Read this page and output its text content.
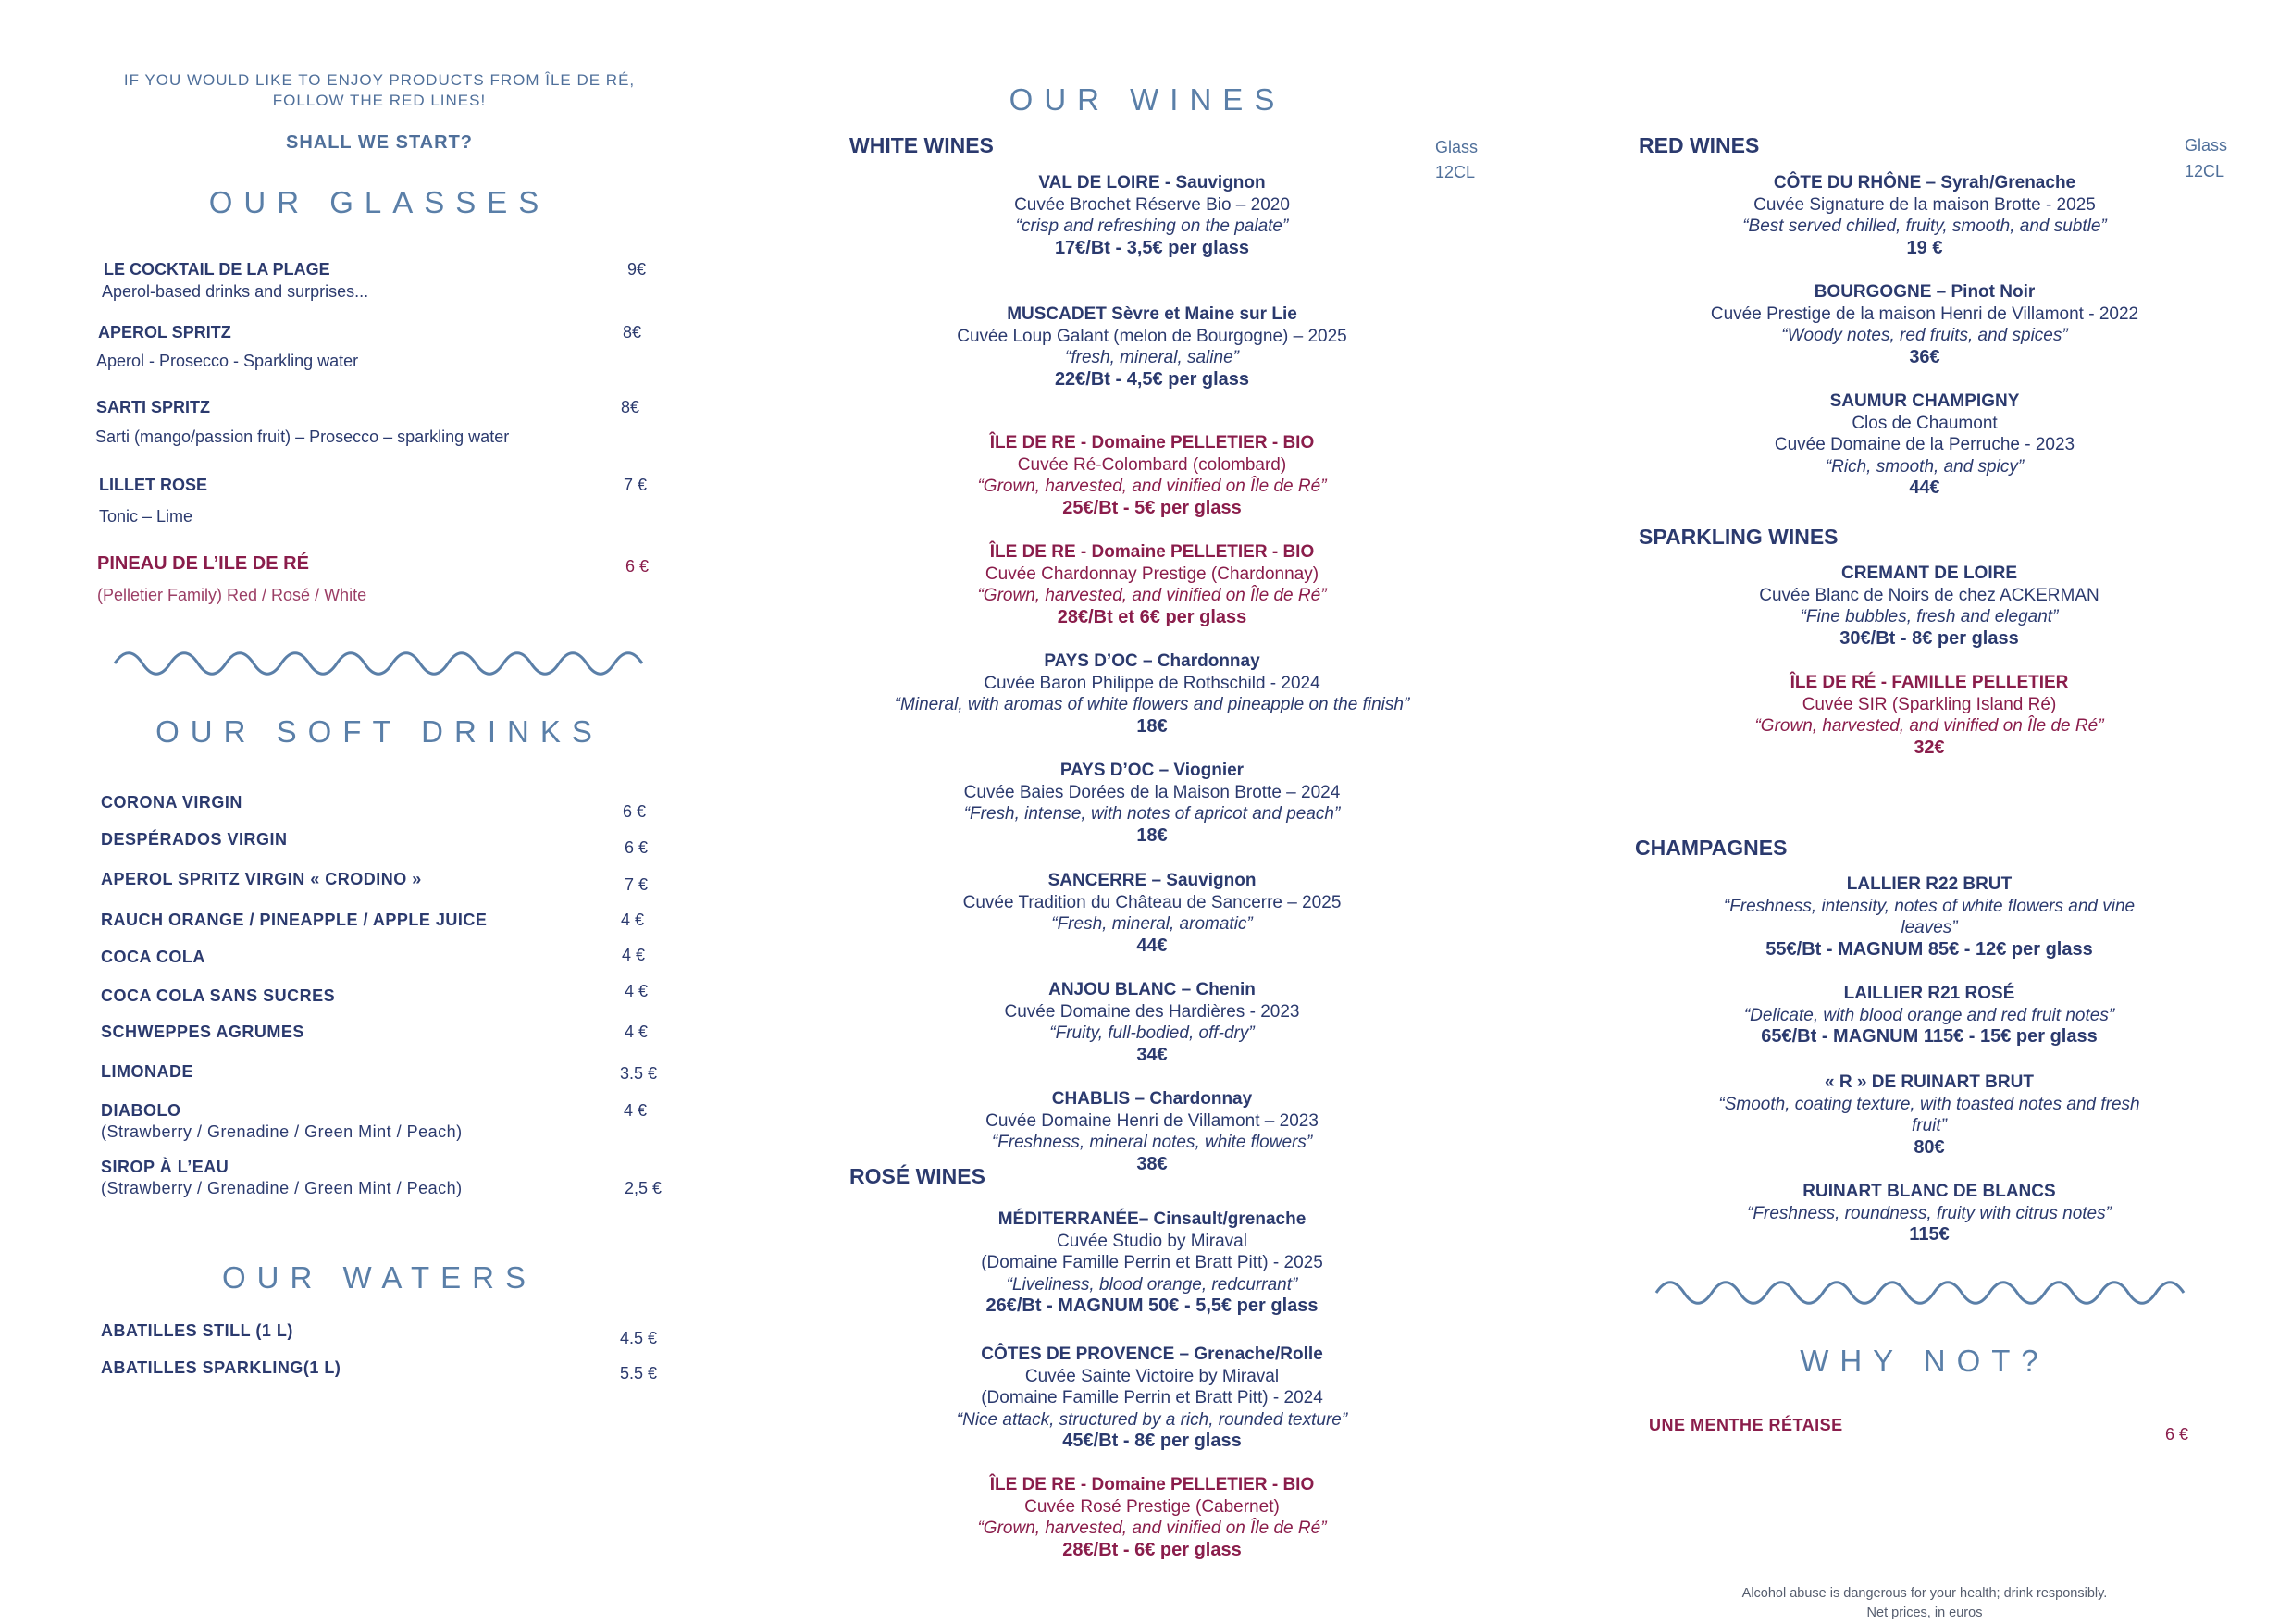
IF YOU WOULD LIKE TO ENJOY PRODUCTS FROM ÎLE DE RÉ,
FOLLOW THE RED LINES!
SHALL WE START?
OUR GLASSES
LE COCKTAIL DE LA PLAGE
Aperol-based drinks and surprises...
9€
APEROL SPRITZ
Aperol - Prosecco - Sparkling water
8€
SARTI SPRITZ
Sarti (mango/passion fruit) – Prosecco – sparkling water
8€
LILLET ROSE
Tonic – Lime
7 €
PINEAU DE L’ILE DE RÉ
(Pelletier Family) Red / Rosé / White
6 €
OUR SOFT DRINKS
CORONA VIRGIN	6 €
DESPÉRADOS VIRGIN	6 €
APEROL SPRITZ VIRGIN « CRODINO »	7 €
RAUCH ORANGE / PINEAPPLE / APPLE JUICE	4 €
COCA COLA	4 €
COCA COLA SANS SUCRES	4 €
SCHWEPPES AGRUMES	4 €
LIMONADE	3.5 €
DIABOLO
(Strawberry / Grenadine / Green Mint / Peach)
4 €
SIROP À L’EAU
(Strawberry / Grenadine / Green Mint / Peach)	2,5 €
OUR WATERS
ABATILLES STILL (1 L)	4.5 €
ABATILLES SPARKLING(1 L)	5.5 €
OUR WINES
WHITE WINES	Glass
12CL
VAL DE LOIRE - Sauvignon
Cuvée Brochet Réserve Bio – 2020
“crisp and refreshing on the palate”
17€/Bt - 3,5€ per glass
MUSCADET Sèvre et Maine sur Lie
Cuvée Loup Galant (melon de Bourgogne) – 2025
“fresh, mineral, saline”
22€/Bt - 4,5€ per glass
ÎLE DE RE - Domaine PELLETIER - BIO
Cuvée Ré-Colombard (colombard)
“Grown, harvested, and vinified on Île de Ré”
25€/Bt - 5€ per glass
ÎLE DE RE - Domaine PELLETIER - BIO
Cuvée Chardonnay Prestige (Chardonnay)
“Grown, harvested, and vinified on Île de Ré”
28€/Bt et 6€ per glass
PAYS D’OC – Chardonnay
Cuvée Baron Philippe de Rothschild - 2024
“Mineral, with aromas of white flowers and pineapple on the finish”
18€
PAYS D’OC – Viognier
Cuvée Baies Dorées de la Maison Brotte – 2024
“Fresh, intense, with notes of apricot and peach”
18€
SANCERRE – Sauvignon
Cuvée Tradition du Château de Sancerre – 2025
“Fresh, mineral, aromatic”
44€
ANJOU BLANC – Chenin
Cuvée Domaine des Hardières - 2023
“Fruity, full-bodied, off-dry”
34€
CHABLIS – Chardonnay
Cuvée Domaine Henri de Villamont – 2023
“Freshness, mineral notes, white flowers”
38€
ROSÉ WINES
MÉDITERRANÉE– Cinsault/grenache
Cuvée Studio by Miraval
(Domaine Famille Perrin et Bratt Pitt) - 2025
“Liveliness, blood orange, redcurrant”
26€/Bt - MAGNUM 50€ - 5,5€ per glass
CÔTES DE PROVENCE – Grenache/Rolle
Cuvée Sainte Victoire by Miraval
(Domaine Famille Perrin et Bratt Pitt) - 2024
“Nice attack, structured by a rich, rounded texture”
45€/Bt - 8€ per glass
ÎLE DE RE - Domaine PELLETIER - BIO
Cuvée Rosé Prestige (Cabernet)
“Grown, harvested, and vinified on Île de Ré”
28€/Bt - 6€ per glass
RED WINES	Glass
12CL
CÔTE DU RHÔNE – Syrah/Grenache
Cuvée Signature de la maison Brotte - 2025
“Best served chilled, fruity, smooth, and subtle”
19 €
BOURGOGNE – Pinot Noir
Cuvée Prestige de la maison Henri de Villamont - 2022
“Woody notes, red fruits, and spices”
36€
SAUMUR CHAMPIGNY
Clos de Chaumont
Cuvée Domaine de la Perruche - 2023
“Rich, smooth, and spicy”
44€
SPARKLING WINES
CREMANT DE LOIRE
Cuvée Blanc de Noirs de chez ACKERMAN
“Fine bubbles, fresh and elegant”
30€/Bt - 8€ per glass
ÎLE DE RÉ - FAMILLE PELLETIER
Cuvée SIR (Sparkling Island Ré)
“Grown, harvested, and vinified on Île de Ré”
32€
CHAMPAGNES
LALLIER R22 BRUT
“Freshness, intensity, notes of white flowers and vine
leaves”
55€/Bt - MAGNUM 85€ - 12€ per glass
LAILLIER R21 ROSÉ
“Delicate, with blood orange and red fruit notes”
65€/Bt - MAGNUM 115€ - 15€ per glass
« R » DE RUINART BRUT
“Smooth, coating texture, with toasted notes and fresh
fruit”
80€
RUINART BLANC DE BLANCS
“Freshness, roundness, fruity with citrus notes”
115€
WHY NOT?
UNE MENTHE RÉTAISE	6 €
Alcohol abuse is dangerous for your health; drink responsibly.
Net prices, in euros
